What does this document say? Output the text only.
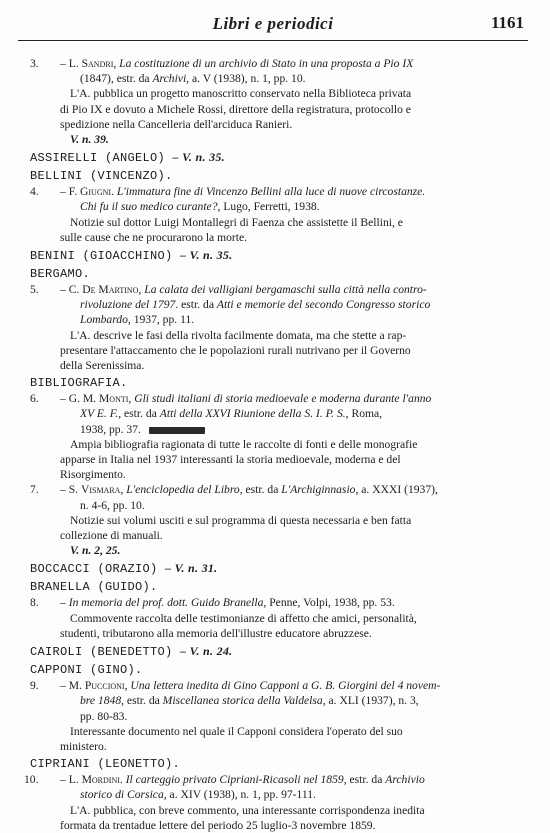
Libri e periodici	1161
3. – L. Sandri, La costituzione di un archivio di Stato in una proposta a Pio IX
(1847), estr. da Archivi, a. V (1938), n. 1, pp. 10.
L'A. pubblica un progetto manoscritto conservato nella Biblioteca privata
di Pio IX e dovuto a Michele Rossi, direttore della registratura, protocollo e
spedizione nella Cancelleria dell'arciduca Ranieri.
V. n. 39.
ASSIRELLI (ANGELO) – V. n. 35.
BELLINI (VINCENZO).
4. – F. Giugni. L'immatura fine di Vincenzo Bellini alla luce di nuove circostanze.
Chi fu il suo medico curante?, Lugo, Ferretti, 1938.
Notizie sul dottor Luigi Montallegri di Faenza che assistette il Bellini, e
sulle cause che ne procurarono la morte.
BENINI (GIOACCHINO) – V. n. 35.
BERGAMO.
5. – C. De Martino, La calata dei valligiani bergamaschi sulla città nella contro-
rivoluzione del 1797. estr. da Atti e memorie del secondo Congresso storico
Lombardo, 1937, pp. 11.
L'A. descrive le fasi della rivolta facilmente domata, ma che stette a rap-
presentare l'attaccamento che le popolazioni rurali nutrivano per il Governo
della Serenissima.
BIBLIOGRAFIA.
6. – G. M. Monti, Gli studi italiani di storia medioevale e moderna durante l'anno
XV E. F., estr. da Atti della XXVI Riunione della S. I. P. S., Roma,
1938, pp. 37.
Ampia bibliografia ragionata di tutte le raccolte di fonti e delle monografie
apparse in Italia nel 1937 interessanti la storia medioevale, moderna e del
Risorgimento.
7. – S. Vismara, L'enciclopedia del Libro, estr. da L'Archiginnasio, a. XXXI (1937),
n. 4-6, pp. 10.
Notizie sui volumi usciti e sul programma di questa necessaria e ben fatta
collezione di manuali.
V. n. 2, 25.
BOCCACCI (ORAZIO) – V. n. 31.
BRANELLA (GUIDO).
8. – In memoria del prof. dott. Guido Branella, Penne, Volpi, 1938, pp. 53.
Commovente raccolta delle testimonianze di affetto che amici, personalità,
studenti, tributarono alla memoria dell'illustre educatore abruzzese.
CAIROLI (BENEDETTO) – V. n. 24.
CAPPONI (GINO).
9. – M. Puccioni, Una lettera inedita di Gino Capponi a G. B. Giorgini del 4 novem-
bre 1848, estr. da Miscellanea storica della Valdelsa, a. XLI (1937), n. 3,
pp. 80-83.
Interessante documento nel quale il Capponi considera l'operato del suo
ministero.
CIPRIANI (LEONETTO).
10. – L. Mordini. Il carteggio privato Cipriani-Ricasoli nel 1859, estr. da Archivio
storico di Corsica, a. XIV (1938), n. 1, pp. 97-111.
L'A. pubblica, con breve commento, una interessante corrispondenza inedita
formata da trentadue lettere del periodo 25 luglio-3 novembre 1859.
